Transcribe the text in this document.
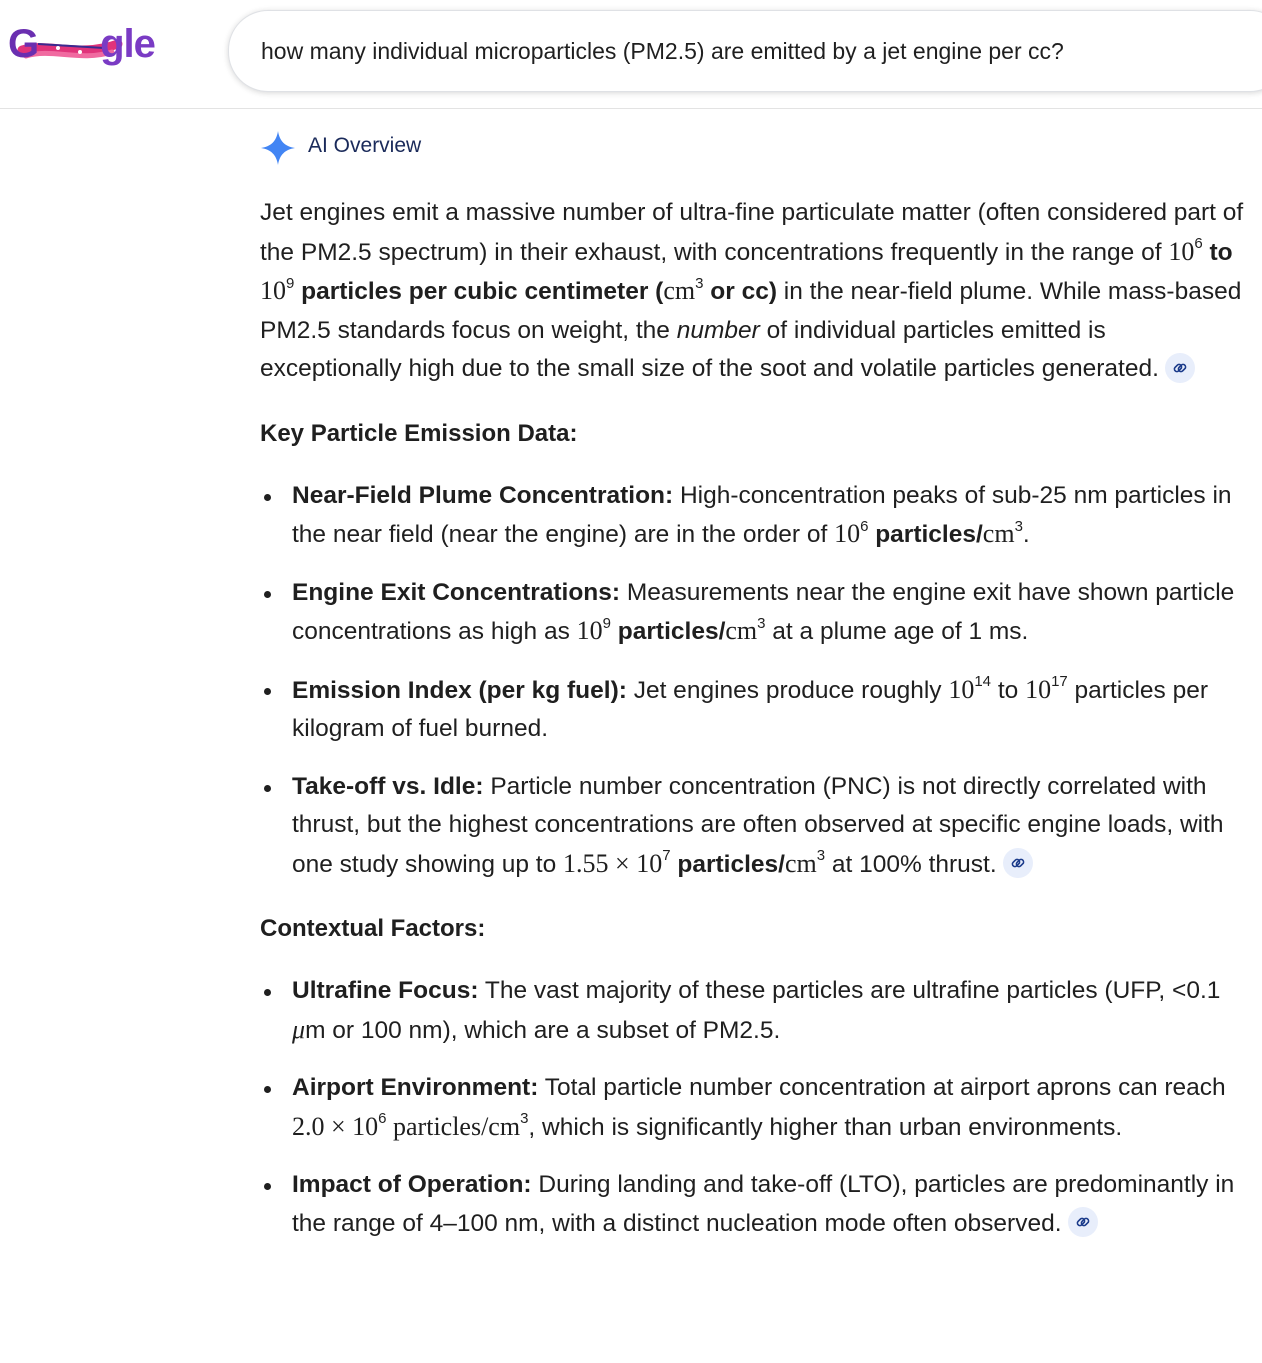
G gle	how many individual microparticles (PM2.5) are emitted by a jet engine per cc?
AI Overview

Jet engines emit a massive number of ultra-fine particulate matter (often considered part of the PM2.5 spectrum) in their exhaust, with concentrations frequently in the range of $10^6$ to $10^9$ particles per cubic centimeter ($cm^3$ or cc) in the near-field plume. While mass-based PM2.5 standards focus on weight, the number of individual particles emitted is exceptionally high due to the small size of the soot and volatile particles generated.

Key Particle Emission Data:
Near-Field Plume Concentration: High-concentration peaks of sub-25 nm particles in the near field (near the engine) are in the order of $10^6$ particles/$cm^3$.
Engine Exit Concentrations: Measurements near the engine exit have shown particle concentrations as high as $10^9$ particles/$cm^3$ at a plume age of 1 ms.
Emission Index (per kg fuel): Jet engines produce roughly $10^{14}$ to $10^{17}$ particles per kilogram of fuel burned.
Take-off vs. Idle: Particle number concentration (PNC) is not directly correlated with thrust, but the highest concentrations are often observed at specific engine loads, with one study showing up to $1.55 \times 10^7$ particles/$cm^3$ at 100% thrust.
Contextual Factors:
Ultrafine Focus: The vast majority of these particles are ultrafine particles (UFP, <0.1 μm or 100 nm), which are a subset of PM2.5.
Airport Environment: Total particle number concentration at airport aprons can reach $2.0 \times 10^6$ particles/$cm^3$, which is significantly higher than urban environments.
Impact of Operation: During landing and take-off (LTO), particles are predominantly in the range of 4–100 nm, with a distinct nucleation mode often observed.
